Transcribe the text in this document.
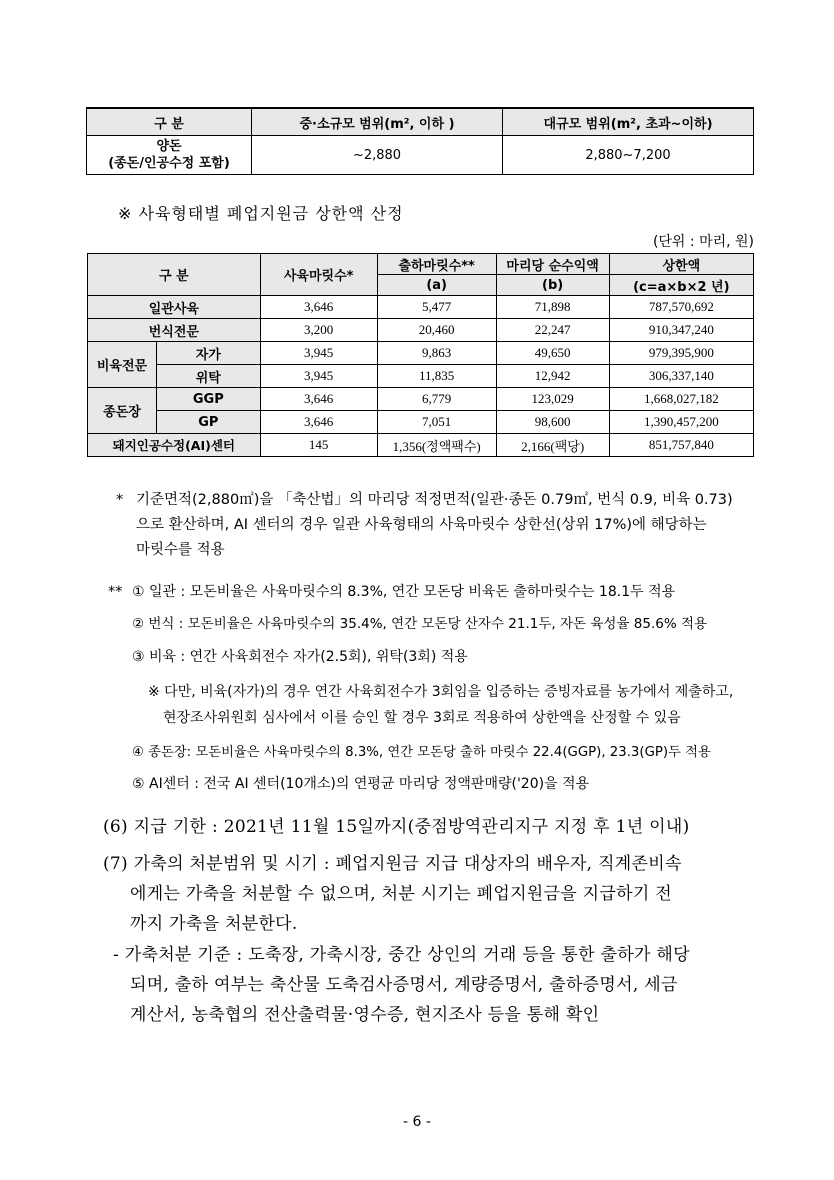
구 분	중·소규모 범위(m², 이하 )	대규모 범위(m², 초과~이하)

양돈
(종돈/인공수정 포함)	~2,880	2,880~7,200
※ 사육형태별 폐업지원금 상한액 산정
(단위 : 마리, 원)
구 분		사육마릿수*	출하마릿수**	마리당 순수익액	상한액
			(a)	(b)	(c=a×b×2 년)
일관사육		3,646	5,477	71,898	787,570,692
번식전문		3,200	20,460	22,247	910,347,240
비육전문	자가	3,945	9,863	49,650	979,395,900
	위탁	3,945	11,835	12,942	306,337,140
종돈장	GGP	3,646	6,779	123,029	1,668,027,182
	GP	3,646	7,051	98,600	1,390,457,200
돼지인공수정(AI)센터		145	1,356(정액팩수)	2,166(팩당)	851,757,840
* 기준면적(2,880㎡)을 「축산법」의 마리당 적정면적(일관·종돈 0.79㎡, 번식 0.9, 비육 0.73)
으로 환산하며, AI 센터의 경우 일관 사육형태의 사육마릿수 상한선(상위 17%)에 해당하는
마릿수를 적용
** ① 일관 : 모돈비율은 사육마릿수의 8.3%, 연간 모돈당 비육돈 출하마릿수는 18.1두 적용
② 번식 : 모돈비율은 사육마릿수의 35.4%, 연간 모돈당 산자수 21.1두, 자돈 육성율 85.6% 적용
③ 비육 : 연간 사육회전수 자가(2.5회), 위탁(3회) 적용
※ 다만, 비육(자가)의 경우 연간 사육회전수가 3회임을 입증하는 증빙자료를 농가에서 제출하고,
현장조사위원회 심사에서 이를 승인 할 경우 3회로 적용하여 상한액을 산정할 수 있음
④ 종돈장: 모돈비율은 사육마릿수의 8.3%, 연간 모돈당 출하 마릿수 22.4(GGP), 23.3(GP)두 적용
⑤ AI센터 : 전국 AI 센터(10개소)의 연평균 마리당 정액판매량('20)을 적용
(6) 지급 기한 : 2021년 11월 15일까지(중점방역관리지구 지정 후 1년 이내)
(7) 가축의 처분범위 및 시기 : 폐업지원금 지급 대상자의 배우자, 직계존비속
에게는 가축을 처분할 수 없으며, 처분 시기는 폐업지원금을 지급하기 전
까지 가축을 처분한다.
- 가축처분 기준 : 도축장, 가축시장, 중간 상인의 거래 등을 통한 출하가 해당
되며, 출하 여부는 축산물 도축검사증명서, 계량증명서, 출하증명서, 세금
계산서, 농축협의 전산출력물·영수증, 현지조사 등을 통해 확인
- 6 -
